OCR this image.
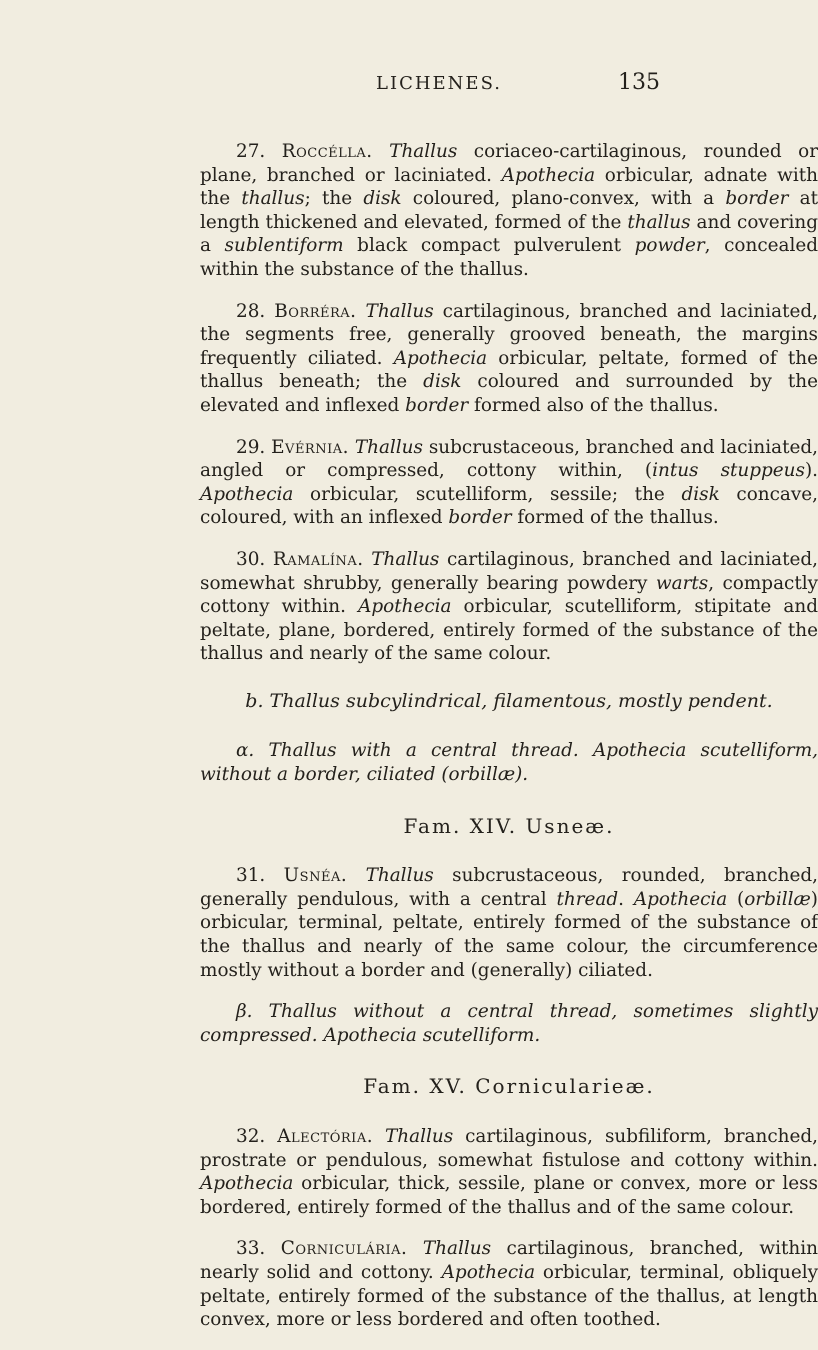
LICHENES.	135

27. Roccélla. Thallus coriaceo-cartilaginous, rounded or plane, branched or laciniated. Apothecia orbicular, adnate with the thallus; the disk coloured, plano-convex, with a border at length thickened and elevated, formed of the thallus and covering a sublentiform black compact pulverulent powder, concealed within the substance of the thallus.

28. Borréra. Thallus cartilaginous, branched and laciniated, the segments free, generally grooved beneath, the margins frequently ciliated. Apothecia orbicular, peltate, formed of the thallus beneath; the disk coloured and surrounded by the elevated and inflexed border formed also of the thallus.

29. Evérnia. Thallus subcrustaceous, branched and laciniated, angled or compressed, cottony within, (intus stuppeus). Apothecia orbicular, scutelliform, sessile; the disk concave, coloured, with an inflexed border formed of the thallus.

30. Ramalína. Thallus cartilaginous, branched and laciniated, somewhat shrubby, generally bearing powdery warts, compactly cottony within. Apothecia orbicular, scutelliform, stipitate and peltate, plane, bordered, entirely formed of the substance of the thallus and nearly of the same colour.

b. Thallus subcylindrical, filamentous, mostly pendent.
α. Thallus with a central thread. Apothecia scutelliform, without a border, ciliated (orbillæ).
Fam. XIV. Usneæ.

31. Usnéa. Thallus subcrustaceous, rounded, branched, generally pendulous, with a central thread. Apothecia (orbillæ) orbicular, terminal, peltate, entirely formed of the substance of the thallus and nearly of the same colour, the circumference mostly without a border and (generally) ciliated.

β. Thallus without a central thread, sometimes slightly compressed. Apothecia scutelliform.
Fam. XV. Cornicularieæ.

32. Alectória. Thallus cartilaginous, subfiliform, branched, prostrate or pendulous, somewhat fistulose and cottony within. Apothecia orbicular, thick, sessile, plane or convex, more or less bordered, entirely formed of the thallus and of the same colour.

33. Corniculária. Thallus cartilaginous, branched, within nearly solid and cottony. Apothecia orbicular, terminal, obliquely peltate, entirely formed of the substance of the thallus, at length convex, more or less bordered and often toothed.
